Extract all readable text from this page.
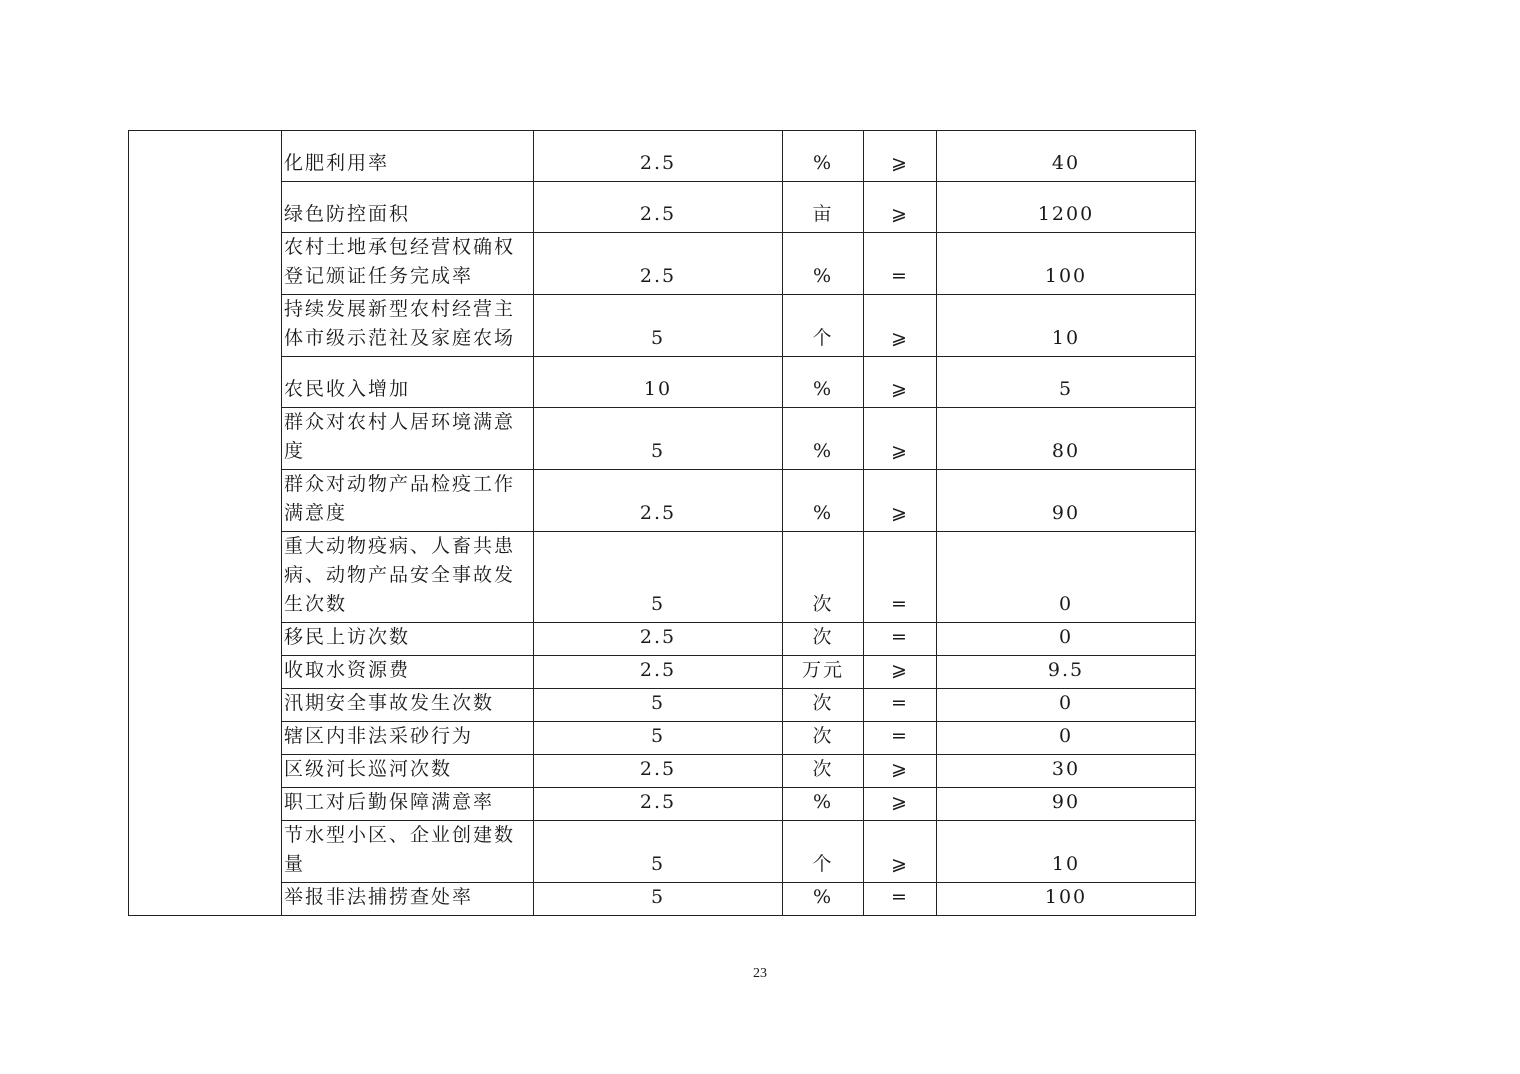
	化肥利用率	2.5	%	⩾	40
	绿色防控面积	2.5	亩	⩾	1200
	农村土地承包经营权确权登记颁证任务完成率	2.5	%	=	100
	持续发展新型农村经营主体市级示范社及家庭农场	5	个	⩾	10
	农民收入增加	10	%	⩾	5
	群众对农村人居环境满意度	5	%	⩾	80
	群众对动物产品检疫工作满意度	2.5	%	⩾	90
	重大动物疫病、人畜共患病、动物产品安全事故发生次数	5	次	=	0
	移民上访次数	2.5	次	=	0
	收取水资源费	2.5	万元	⩾	9.5
	汛期安全事故发生次数	5	次	=	0
	辖区内非法采砂行为	5	次	=	0
	区级河长巡河次数	2.5	次	⩾	30
	职工对后勤保障满意率	2.5	%	⩾	90
	节水型小区、企业创建数量	5	个	⩾	10
	举报非法捕捞查处率	5	%	=	100
23
